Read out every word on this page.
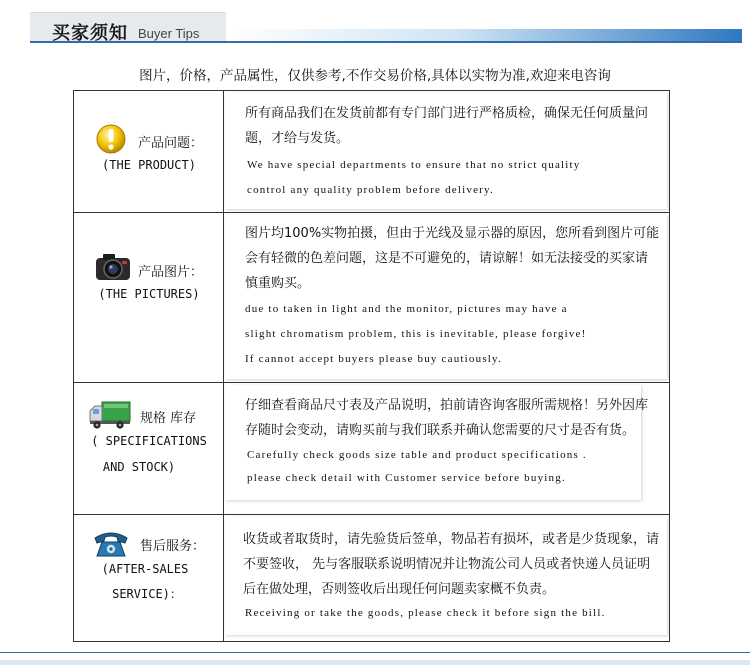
买家须知 Buyer Tips
图片，价格，产品属性，仅供参考,不作交易价格,具体以实物为准,欢迎来电咨询
产品问题：
(THE PRODUCT)
所有商品我们在发货前都有专门部门进行严格质检，确保无任何质量问
题，才给与发货。
We have special departments to ensure that no strict quality
control any quality problem before delivery.
产品图片：
(THE PICTURES)
图片均100%实物拍摄，但由于光线及显示器的原因，您所看到图片可能
会有轻微的色差问题，这是不可避免的，请谅解！如无法接受的买家请
慎重购买。
due to taken in light and the monitor, pictures may have a
slight chromatism problem, this is inevitable, please forgive!
If cannot accept buyers please buy cautiously.
规格 库存
( SPECIFICATIONS
AND STOCK)
仔细查看商品尺寸表及产品说明，拍前请咨询客服所需规格！另外因库
存随时会变动，请购买前与我们联系并确认您需要的尺寸是否有货。
Carefully check goods size table and product specifications .
please check detail with Customer service before buying.
售后服务：
(AFTER-SALES
SERVICE)：
收货或者取货时，请先验货后签单，物品若有损坏，或者是少货现象，请
不要签收， 先与客服联系说明情况并让物流公司人员或者快递人员证明
后在做处理，否则签收后出现任何问题卖家概不负责。
Receiving or take the goods, please check it before sign the bill.
